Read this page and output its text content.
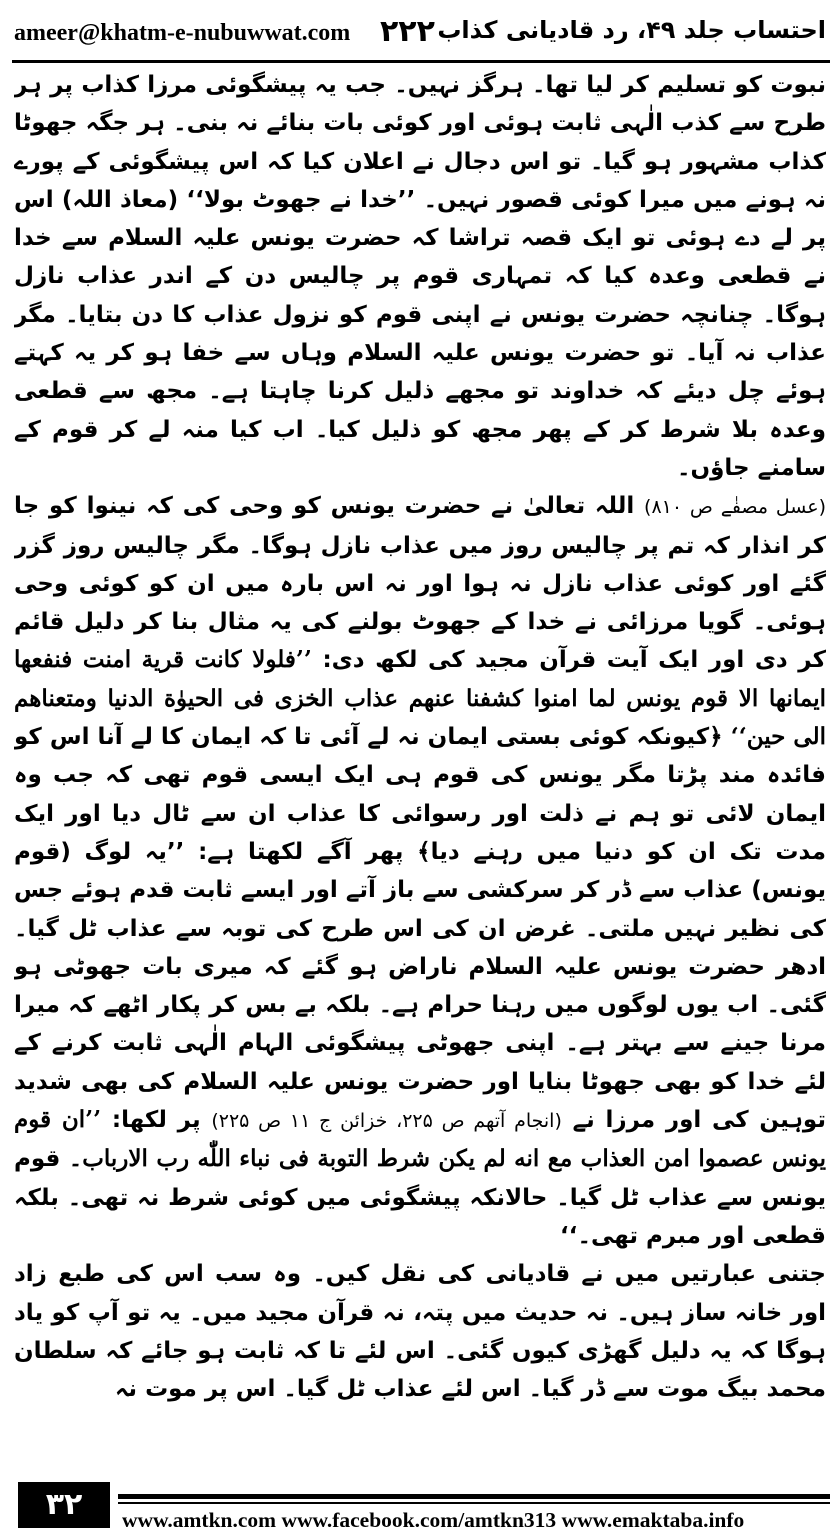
ameer@khatm-e-nubuwwat.com ۲۲۲ احتساب جلد ۴۹، رد قادیانی کذاب

نبوت کو تسلیم کر لیا تھا۔ ہرگز نہیں۔ جب یہ پیشگوئی مرزا کذاب پر ہر طرح سے کذب الٰہی ثابت ہوئی اور کوئی بات بنائے نہ بنی۔ ہر جگہ جھوٹا کذاب مشہور ہو گیا۔ تو اس دجال نے اعلان کیا کہ اس پیشگوئی کے پورے نہ ہونے میں میرا کوئی قصور نہیں۔ ’’خدا نے جھوٹ بولا‘‘ (معاذ اللہ) اس پر لے دے ہوئی تو ایک قصہ تراشا کہ حضرت یونس علیہ السلام سے خدا نے قطعی وعدہ کیا کہ تمہاری قوم پر چالیس دن کے اندر عذاب نازل ہوگا۔ چنانچہ حضرت یونس نے اپنی قوم کو نزول عذاب کا دن بتایا۔ مگر عذاب نہ آیا۔ تو حضرت یونس علیہ السلام وہاں سے خفا ہو کر یہ کہتے ہوئے چل دیئے کہ خداوند تو مجھے ذلیل کرنا چاہتا ہے۔ مجھ سے قطعی وعدہ بلا شرط کر کے پھر مجھ کو ذلیل کیا۔ اب کیا منہ لے کر قوم کے سامنے جاؤں۔

(عسل مصفٰے ص ۸۱۰) اللہ تعالیٰ نے حضرت یونس کو وحی کی کہ نینوا کو جا کر انذار کہ تم پر چالیس روز میں عذاب نازل ہوگا۔ مگر چالیس روز گزر گئے اور کوئی عذاب نازل نہ ہوا اور نہ اس بارہ میں ان کو کوئی وحی ہوئی۔ گویا مرزائی نے خدا کے جھوٹ بولنے کی یہ مثال بنا کر دلیل قائم کر دی اور ایک آیت قرآن مجید کی لکھ دی: ’’فلولا کانت قریة امنت فنفعها ایمانها الا قوم یونس لما امنوا کشفنا عنهم عذاب الخزی فی الحیوٰة الدنیا ومتعناهم الی حین‘‘ ﴿کیونکہ کوئی بستی ایمان نہ لے آئی تا کہ ایمان کا لے آنا اس کو فائدہ مند پڑتا مگر یونس کی قوم ہی ایک ایسی قوم تھی کہ جب وہ ایمان لائی تو ہم نے ذلت اور رسوائی کا عذاب ان سے ٹال دیا اور ایک مدت تک ان کو دنیا میں رہنے دیا﴾ پھر آگے لکھتا ہے: ’’یہ لوگ (قوم یونس) عذاب سے ڈر کر سرکشی سے باز آتے اور ایسے ثابت قدم ہوئے جس کی نظیر نہیں ملتی۔ غرض ان کی اس طرح کی توبہ سے عذاب ٹل گیا۔ ادھر حضرت یونس علیہ السلام ناراض ہو گئے کہ میری بات جھوٹی ہو گئی۔ اب یوں لوگوں میں رہنا حرام ہے۔ بلکہ بے بس کر پکار اٹھے کہ میرا مرنا جینے سے بہتر ہے۔ اپنی جھوٹی پیشگوئی الہام الٰہی ثابت کرنے کے لئے خدا کو بھی جھوٹا بنایا اور حضرت یونس علیہ السلام کی بھی شدید توہین کی اور مرزا نے (انجام آتھم ص ۲۲۵، خزائن ج ۱۱ ص ۲۲۵) پر لکھا: ’’ان قوم یونس عصموا امن العذاب مع انه لم یکن شرط التوبة فی نباء اللّٰه رب الارباب۔ قوم یونس سے عذاب ٹل گیا۔ حالانکہ پیشگوئی میں کوئی شرط نہ تھی۔ بلکہ قطعی اور مبرم تھی۔‘‘

جتنی عبارتیں میں نے قادیانی کی نقل کیں۔ وہ سب اس کی طبع زاد اور خانہ ساز ہیں۔ نہ حدیث میں پتہ، نہ قرآن مجید میں۔ یہ تو آپ کو یاد ہوگا کہ یہ دلیل گھڑی کیوں گئی۔ اس لئے تا کہ ثابت ہو جائے کہ سلطان محمد بیگ موت سے ڈر گیا۔ اس لئے عذاب ٹل گیا۔ اس پر موت نہ

۳۲	www.amtkn.com www.facebook.com/amtkn313 www.emaktaba.info
